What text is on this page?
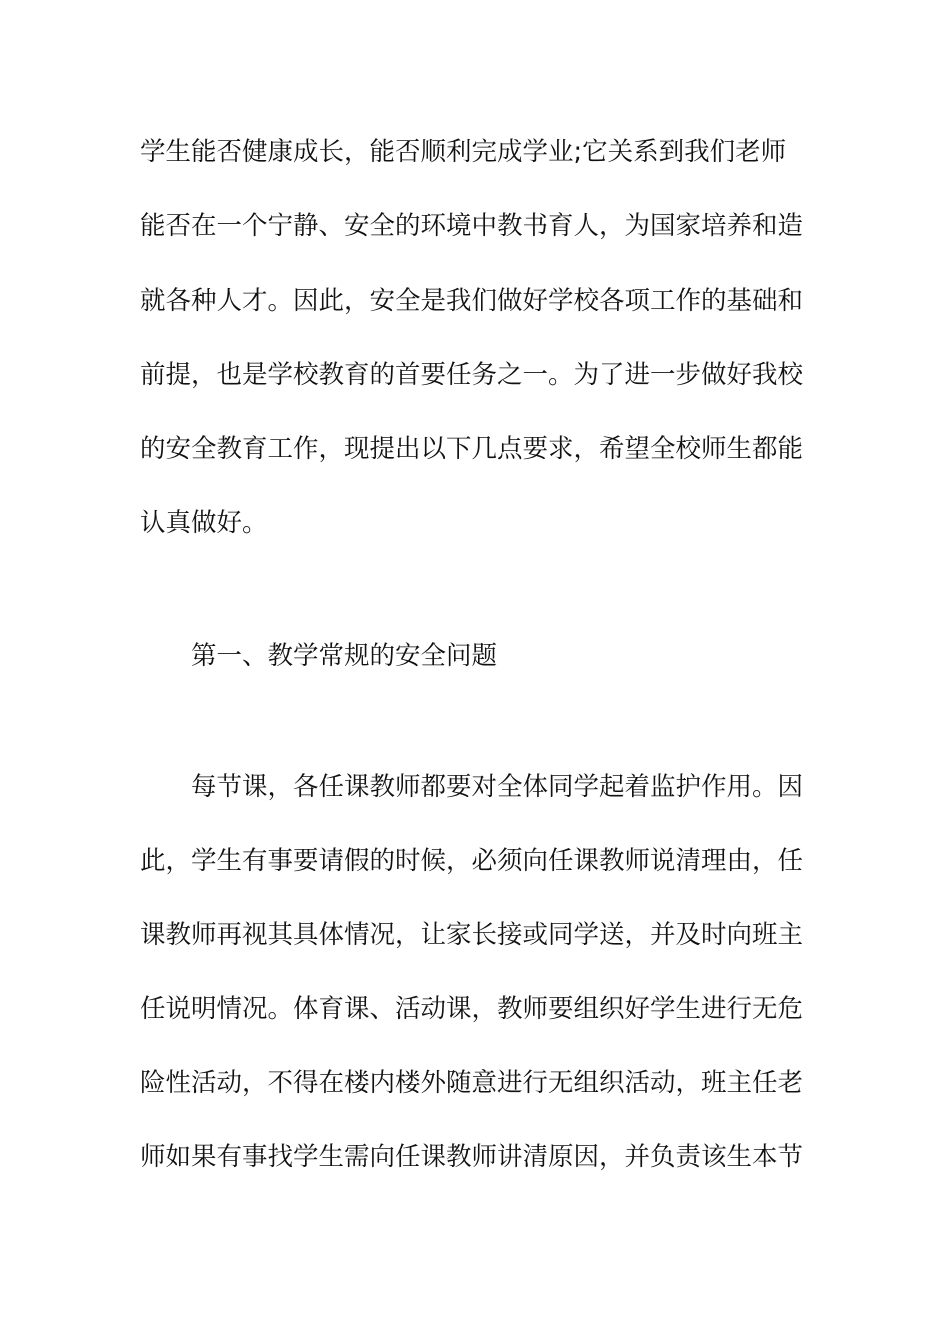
学生能否健康成长，能否顺利完成学业;它关系到我们老师
能否在一个宁静、安全的环境中教书育人，为国家培养和造
就各种人才。因此，安全是我们做好学校各项工作的基础和
前提，也是学校教育的首要任务之一。为了进一步做好我校
的安全教育工作，现提出以下几点要求，希望全校师生都能
认真做好。
第一、教学常规的安全问题
每节课，各任课教师都要对全体同学起着监护作用。因
此，学生有事要请假的时候，必须向任课教师说清理由，任
课教师再视其具体情况，让家长接或同学送，并及时向班主
任说明情况。体育课、活动课，教师要组织好学生进行无危
险性活动，不得在楼内楼外随意进行无组织活动，班主任老
师如果有事找学生需向任课教师讲清原因，并负责该生本节
